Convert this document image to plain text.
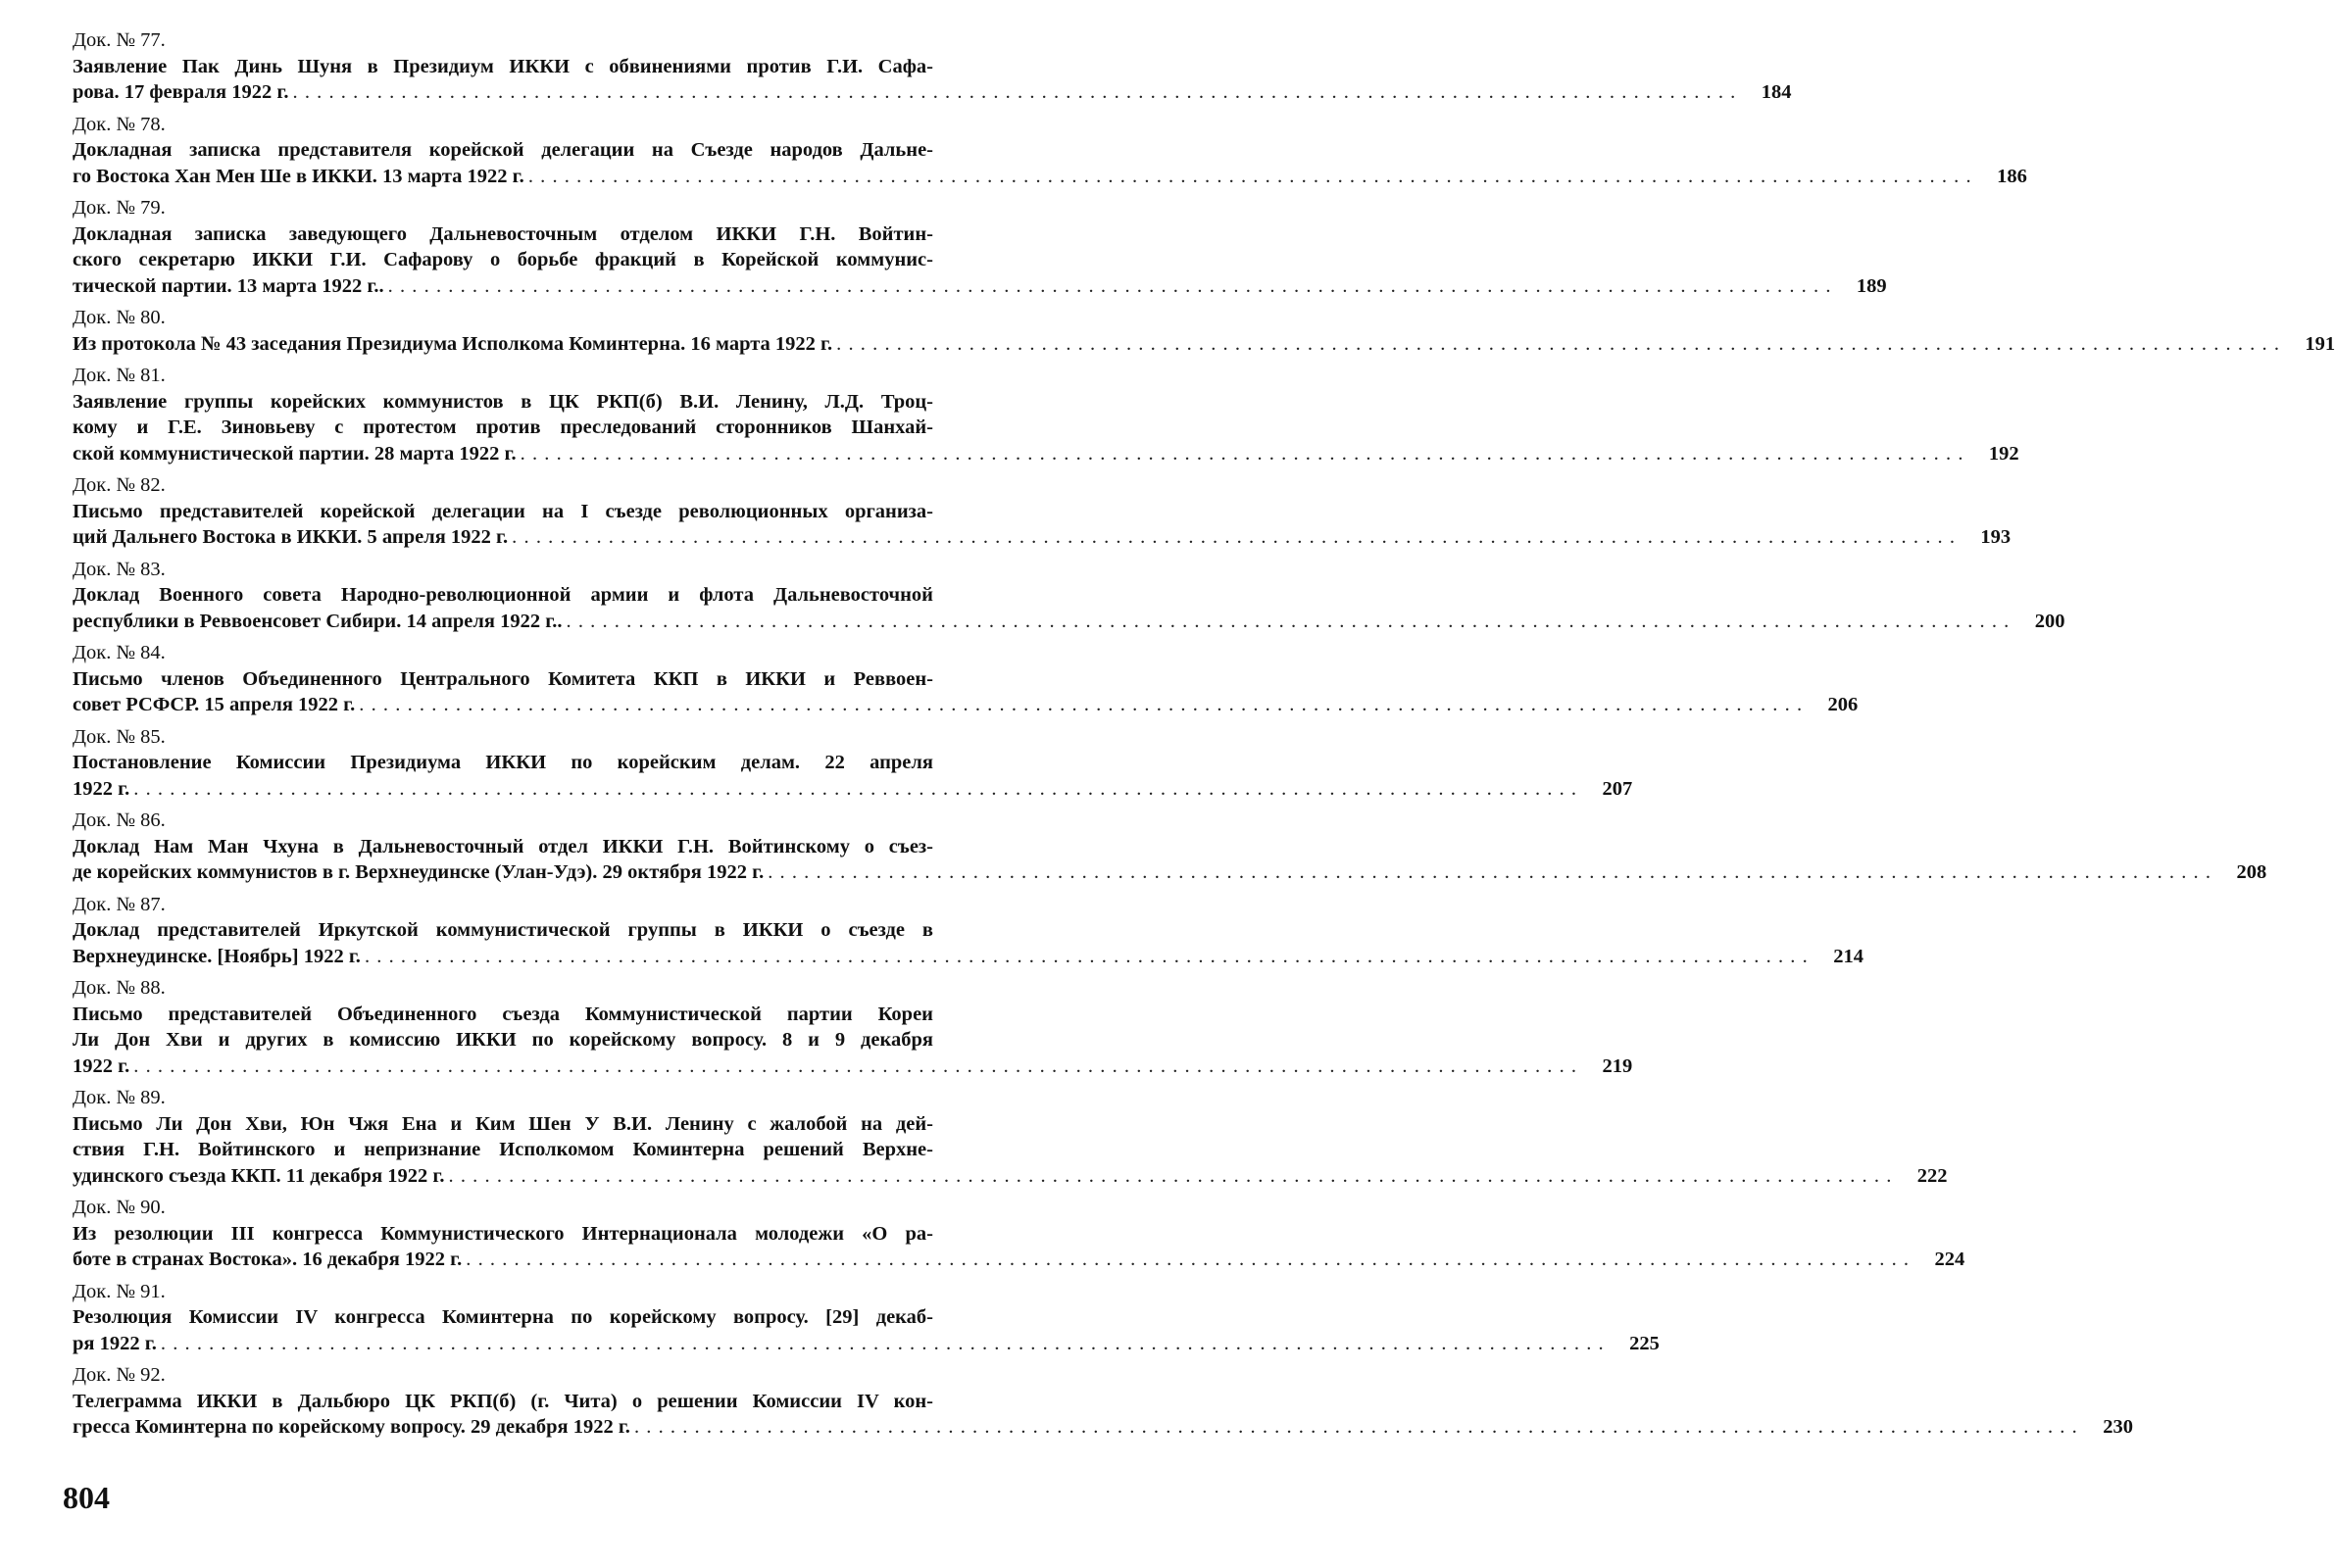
Док. № 77.
Заявление Пак Динь Шуня в Президиум ИККИ с обвинениями против Г.И. Сафа-
рова. 17 февраля 1922 г. ........................................................................................................................ 184
Док. № 78.
Докладная записка представителя корейской делегации на Съезде народов Дальне-
го Востока Хан Мен Ше в ИККИ. 13 марта 1922 г. ........................................................................................................................ 186
Док. № 79.
Докладная записка заведующего Дальневосточным отделом ИККИ Г.Н. Войтин-
ского секретарю ИККИ Г.И. Сафарову о борьбе фракций в Корейской коммунис-
тической партии. 13 марта 1922 г.. ........................................................................................................................ 189
Док. № 80.
Из протокола № 43 заседания Президиума Исполкома Коминтерна. 16 марта 1922 г. ........................................................................................................................ 191
Док. № 81.
Заявление группы корейских коммунистов в ЦК РКП(б) В.И. Ленину, Л.Д. Троц-
кому и Г.Е. Зиновьеву с протестом против преследований сторонников Шанхай-
ской коммунистической партии. 28 марта 1922 г. ........................................................................................................................ 192
Док. № 82.
Письмо представителей корейской делегации на I съезде революционных организа-
ций Дальнего Востока в ИККИ. 5 апреля 1922 г. ........................................................................................................................ 193
Док. № 83.
Доклад Военного совета Народно-революционной армии и флота Дальневосточной
республики в Реввоенсовет Сибири. 14 апреля 1922 г.. ........................................................................................................................ 200
Док. № 84.
Письмо членов Объединенного Центрального Комитета ККП в ИККИ и Реввоен-
совет РСФСР. 15 апреля 1922 г. ........................................................................................................................ 206
Док. № 85.
Постановление Комиссии Президиума ИККИ по корейским делам. 22 апреля
1922 г. ........................................................................................................................ 207
Док. № 86.
Доклад Нам Ман Чхуна в Дальневосточный отдел ИККИ Г.Н. Войтинскому о съез-
де корейских коммунистов в г. Верхнеудинске (Улан-Удэ). 29 октября 1922 г. ........................................................................................................................ 208
Док. № 87.
Доклад представителей Иркутской коммунистической группы в ИККИ о съезде в
Верхнеудинске. [Ноябрь] 1922 г. ........................................................................................................................ 214
Док. № 88.
Письмо представителей Объединенного съезда Коммунистической партии Кореи
Ли Дон Хви и других в комиссию ИККИ по корейскому вопросу. 8 и 9 декабря
1922 г. ........................................................................................................................ 219
Док. № 89.
Письмо Ли Дон Хви, Юн Чжя Ена и Ким Шен У В.И. Ленину с жалобой на дей-
ствия Г.Н. Войтинского и непризнание Исполкомом Коминтерна решений Верхне-
удинского съезда ККП. 11 декабря 1922 г. ........................................................................................................................ 222
Док. № 90.
Из резолюции III конгресса Коммунистического Интернационала молодежи «О ра-
боте в странах Востока». 16 декабря 1922 г. ........................................................................................................................ 224
Док. № 91.
Резолюция Комиссии IV конгресса Коминтерна по корейскому вопросу. [29] декаб-
ря 1922 г. ........................................................................................................................ 225
Док. № 92.
Телеграмма ИККИ в Дальбюро ЦК РКП(б) (г. Чита) о решении Комиссии IV кон-
гресса Коминтерна по корейскому вопросу. 29 декабря 1922 г. ........................................................................................................................ 230
804
